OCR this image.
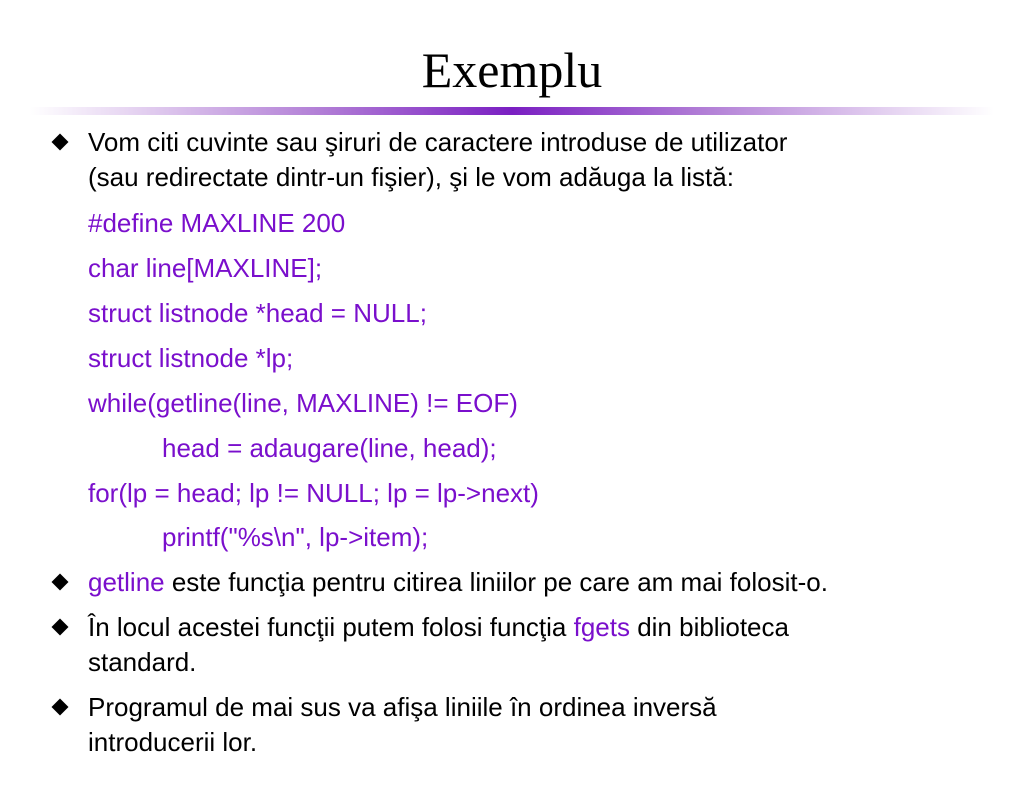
Exemplu
Vom citi cuvinte sau şiruri de caractere introduse de utilizator
(sau redirectate dintr-un fişier), şi le vom adăuga la listă:
#define MAXLINE 200
char line[MAXLINE];
struct listnode *head = NULL;
struct listnode *lp;
while(getline(line, MAXLINE) != EOF)
head = adaugare(line, head);
for(lp = head; lp != NULL; lp = lp->next)
printf("%s\n", lp->item);
getline este funcţia pentru citirea liniilor pe care am mai folosit-o.
În locul acestei funcţii putem folosi funcţia fgets din biblioteca
standard.
Programul de mai sus va afişa liniile în ordinea inversă
introducerii lor.
